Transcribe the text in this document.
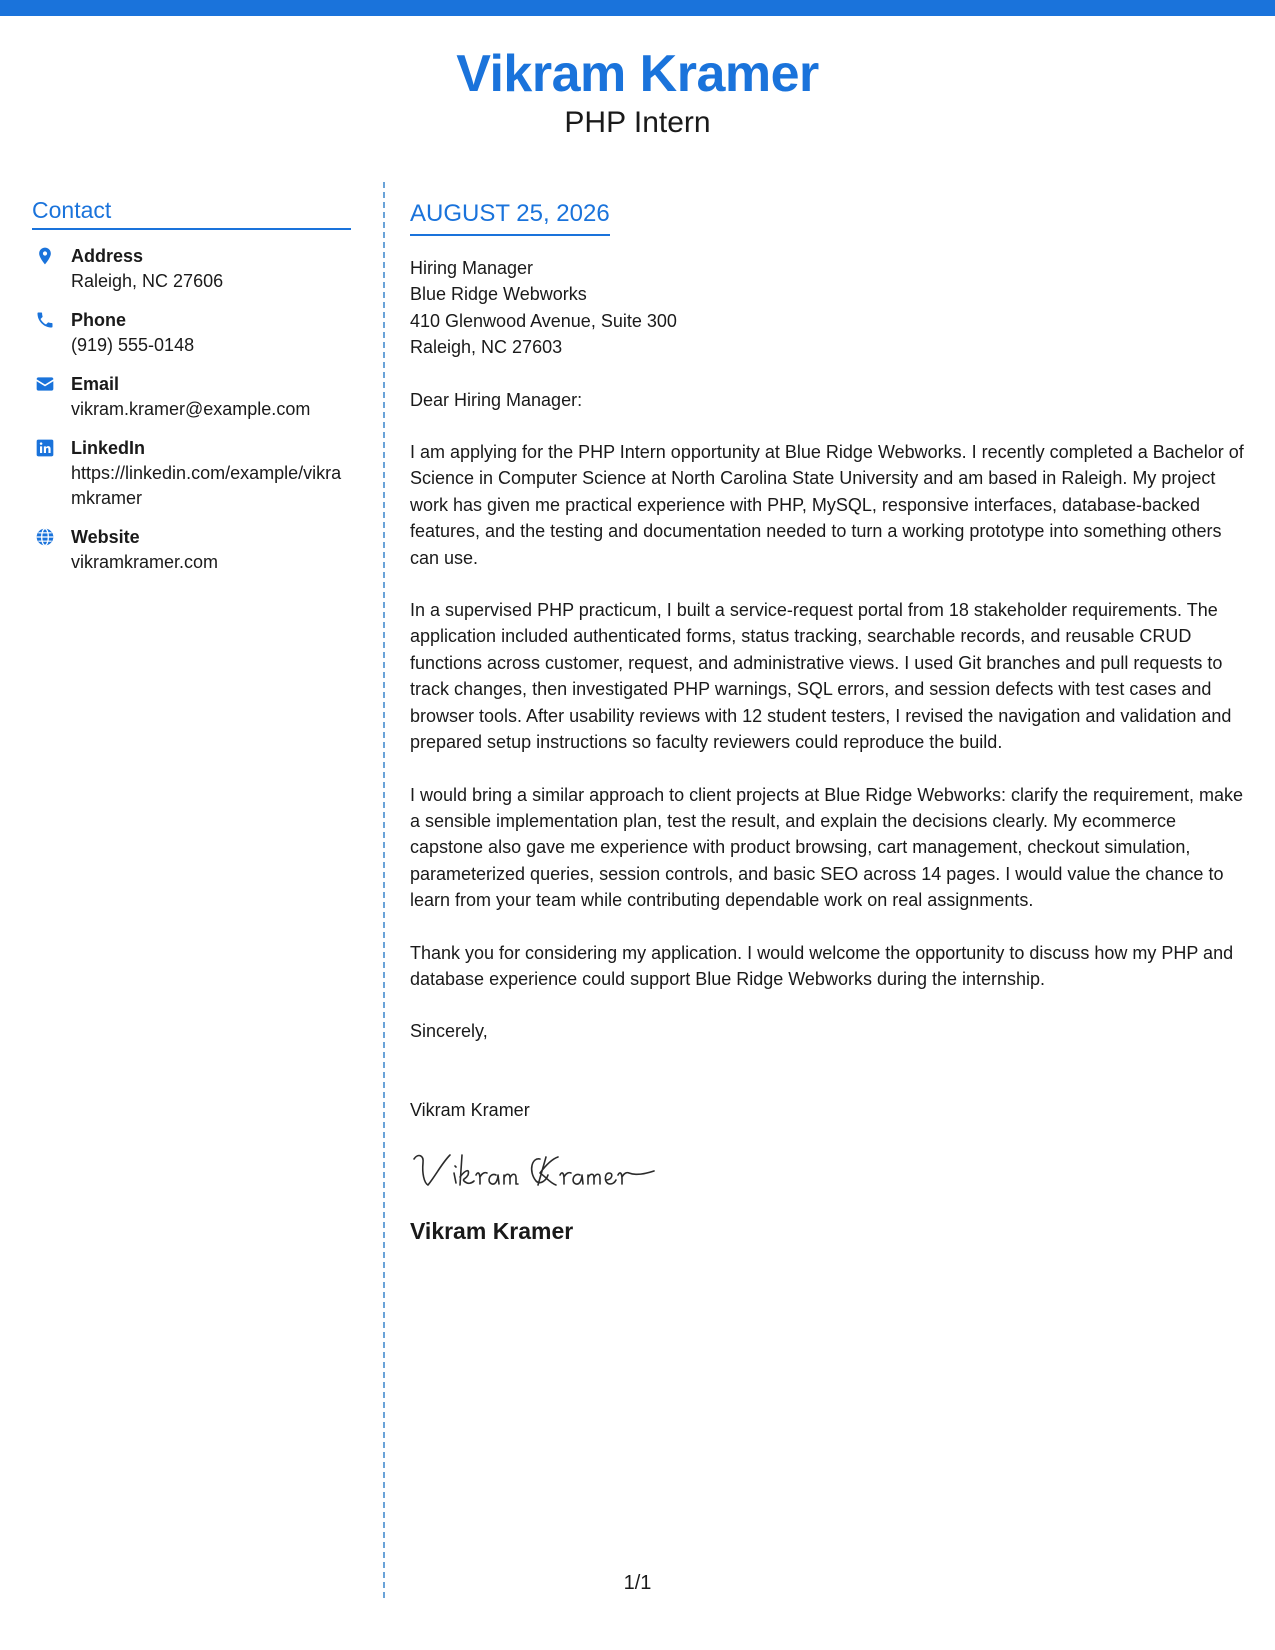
Vikram Kramer
PHP Intern
Contact
Address
Raleigh, NC 27606
Phone
(919) 555-0148
Email
vikram.kramer@example.com
LinkedIn
https://linkedin.com/example/vikramkramer
Website
vikramkramer.com
AUGUST 25, 2026
Hiring Manager
Blue Ridge Webworks
410 Glenwood Avenue, Suite 300
Raleigh, NC 27603
Dear Hiring Manager:
I am applying for the PHP Intern opportunity at Blue Ridge Webworks. I recently completed a Bachelor of Science in Computer Science at North Carolina State University and am based in Raleigh. My project work has given me practical experience with PHP, MySQL, responsive interfaces, database-backed features, and the testing and documentation needed to turn a working prototype into something others can use.
In a supervised PHP practicum, I built a service-request portal from 18 stakeholder requirements. The application included authenticated forms, status tracking, searchable records, and reusable CRUD functions across customer, request, and administrative views. I used Git branches and pull requests to track changes, then investigated PHP warnings, SQL errors, and session defects with test cases and browser tools. After usability reviews with 12 student testers, I revised the navigation and validation and prepared setup instructions so faculty reviewers could reproduce the build.
I would bring a similar approach to client projects at Blue Ridge Webworks: clarify the requirement, make a sensible implementation plan, test the result, and explain the decisions clearly. My ecommerce capstone also gave me experience with product browsing, cart management, checkout simulation, parameterized queries, session controls, and basic SEO across 14 pages. I would value the chance to learn from your team while contributing dependable work on real assignments.
Thank you for considering my application. I would welcome the opportunity to discuss how my PHP and database experience could support Blue Ridge Webworks during the internship.
Sincerely,
Vikram Kramer
Vikram Kramer
1/1
